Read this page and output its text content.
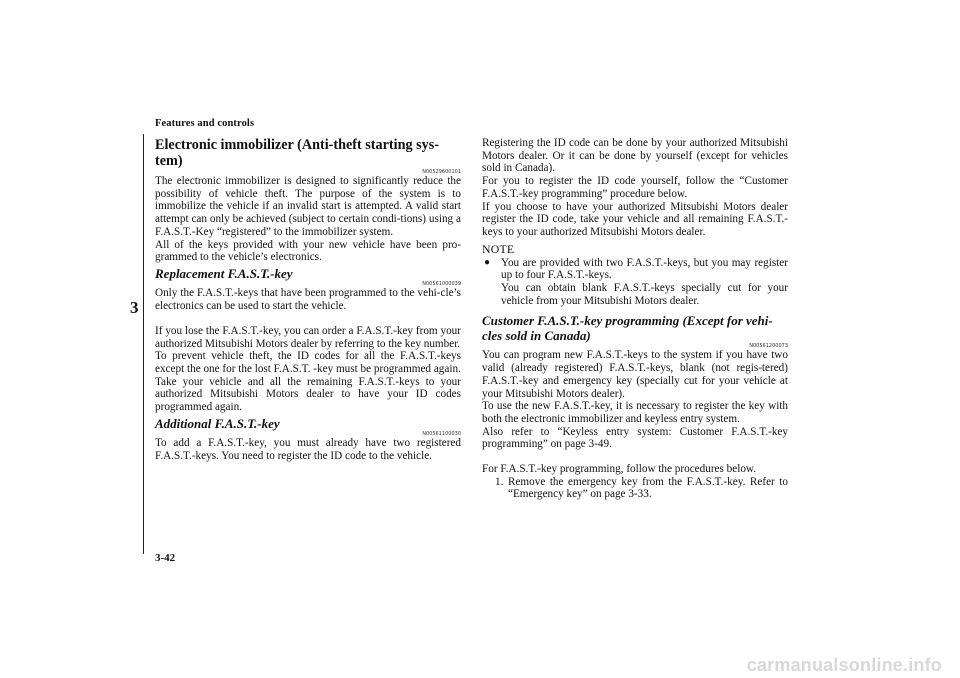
Features and controls
3
Electronic immobilizer (Anti-theft starting sys-
tem)

N00529600101

The electronic immobilizer is designed to significantly reduce the possibility of vehicle theft. The purpose of the system is to immobilize the vehicle if an invalid start is attempted. A valid start attempt can only be achieved (subject to certain condi-tions) using a F.A.S.T.-Key “registered” to the immobilizer system.

All of the keys provided with your new vehicle have been pro-grammed to the vehicle’s electronics.

Replacement F.A.S.T.-key

N00561000039

Only the F.A.S.T.-keys that have been programmed to the vehi-cle’s electronics can be used to start the vehicle.

If you lose the F.A.S.T.-key, you can order a F.A.S.T.-key from your authorized Mitsubishi Motors dealer by referring to the key number.

To prevent vehicle theft, the ID codes for all the F.A.S.T.-keys except the one for the lost F.A.S.T. -key must be programmed again.

Take your vehicle and all the remaining F.A.S.T.-keys to your authorized Mitsubishi Motors dealer to have your ID codes programmed again.

Additional F.A.S.T.-key

N00561100030

To add a F.A.S.T.-key, you must already have two registered F.A.S.T.-keys. You need to register the ID code to the vehicle.

Registering the ID code can be done by your authorized Mitsubishi Motors dealer. Or it can be done by yourself (except for vehicles sold in Canada).

For you to register the ID code yourself, follow the “Customer F.A.S.T.-key programming” procedure below.

If you choose to have your authorized Mitsubishi Motors dealer register the ID code, take your vehicle and all remaining F.A.S.T.-keys to your authorized Mitsubishi Motors dealer.

NOTE

● You are provided with two F.A.S.T.-keys, but you may register up to four F.A.S.T.-keys.

You can obtain blank F.A.S.T.-keys specially cut for your vehicle from your Mitsubishi Motors dealer.

Customer F.A.S.T.-key programming (Except for vehi-
cles sold in Canada)

N00561200073

You can program new F.A.S.T.-keys to the system if you have two valid (already registered) F.A.S.T.-keys, blank (not regis-tered) F.A.S.T.-key and emergency key (specially cut for your vehicle at your Mitsubishi Motors dealer).

To use the new F.A.S.T.-key, it is necessary to register the key with both the electronic immobilizer and keyless entry system.

Also refer to “Keyless entry system: Customer F.A.S.T.-key programming” on page 3-49.

For F.A.S.T.-key programming, follow the procedures below.

1. Remove the emergency key from the F.A.S.T.-key. Refer to “Emergency key” on page 3-33.

3-42
carmanualsonline.info
